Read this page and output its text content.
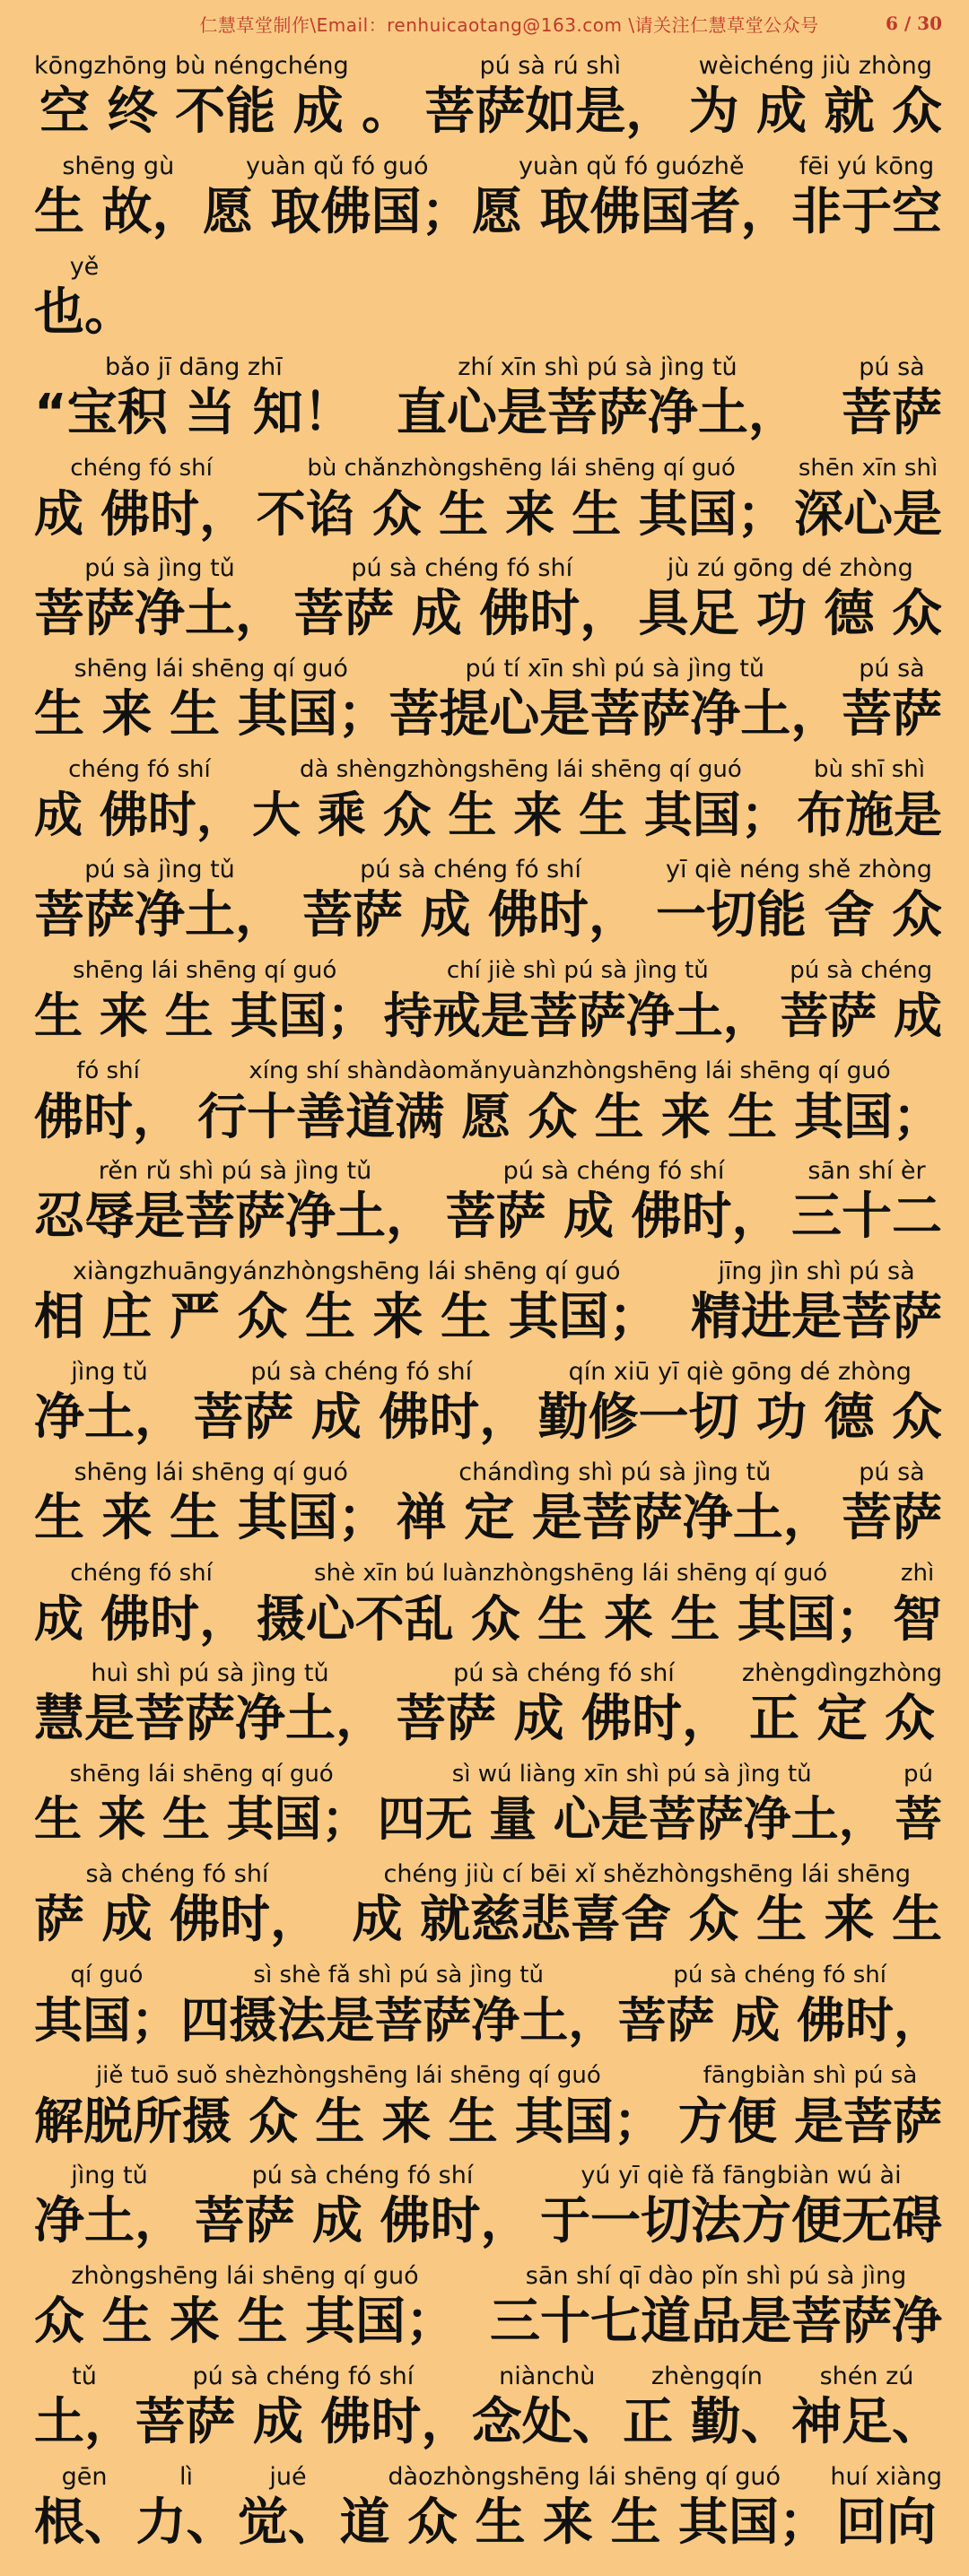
仁慧草堂制作\Email：renhuicaotang@163.com \请关注仁慧草堂公众号	6 / 30
kōngzhōng bù néngchéng
空 终 不能 成 。
pú sà rú shì
菩萨如是，
wèichéng jiù zhòng
为 成 就 众
shēng gù
生 故，
yuàn qǔ fó guó
愿 取佛国；
yuàn qǔ fó guózhě
愿 取佛国者，
fēi yú kōng
非于空
yě
也。
bǎo jī dāng zhī
“宝积 当 知！
zhí xīn shì pú sà jìng tǔ
直心是菩萨净土，
pú sà
菩萨
chéng fó shí
成 佛时，
bù chǎnzhòngshēng lái shēng qí guó
不谄 众 生 来 生 其国；
shēn xīn shì
深心是
pú sà jìng tǔ
菩萨净土，
pú sà chéng fó shí
菩萨 成 佛时，
jù zú gōng dé zhòng
具足 功 德 众
shēng lái shēng qí guó
生 来 生 其国；
pú tí xīn shì pú sà jìng tǔ
菩提心是菩萨净土，
pú sà
菩萨
chéng fó shí
成 佛时，
dà shèngzhòngshēng lái shēng qí guó
大 乘 众 生 来 生 其国；
bù shī shì
布施是
pú sà jìng tǔ
菩萨净土，
pú sà chéng fó shí
菩萨 成 佛时，
yī qiè néng shě zhòng
一切能 舍 众
shēng lái shēng qí guó
生 来 生 其国；
chí jiè shì pú sà jìng tǔ
持戒是菩萨净土，
pú sà chéng
菩萨 成
fó shí
佛时，
xíng shí shàndàomǎnyuànzhòngshēng lái shēng qí guó
行十善道满 愿 众 生 来 生 其国；
rěn rǔ shì pú sà jìng tǔ
忍辱是菩萨净土，
pú sà chéng fó shí
菩萨 成 佛时，
sān shí èr
三十二
xiàngzhuāngyánzhòngshēng lái shēng qí guó
相 庄 严 众 生 来 生 其国；
jīng jìn shì pú sà
精进是菩萨
jìng tǔ
净土，
pú sà chéng fó shí
菩萨 成 佛时，
qín xiū yī qiè gōng dé zhòng
勤修一切 功 德 众
shēng lái shēng qí guó
生 来 生 其国；
chándìng shì pú sà jìng tǔ
禅 定 是菩萨净土，
pú sà
菩萨
chéng fó shí
成 佛时，
shè xīn bú luànzhòngshēng lái shēng qí guó
摄心不乱 众 生 来 生 其国；
zhì
智
huì shì pú sà jìng tǔ
慧是菩萨净土，
pú sà chéng fó shí
菩萨 成 佛时，
zhèngdìngzhòng
正 定 众
shēng lái shēng qí guó
生 来 生 其国；
sì wú liàng xīn shì pú sà jìng tǔ
四无 量 心是菩萨净土，
pú
菩
sà chéng fó shí
萨 成 佛时，
chéng jiù cí bēi xǐ shězhòngshēng lái shēng
成 就慈悲喜舍 众 生 来 生
qí guó
其国；
sì shè fǎ shì pú sà jìng tǔ
四摄法是菩萨净土，
pú sà chéng fó shí
菩萨 成 佛时，
jiě tuō suǒ shèzhòngshēng lái shēng qí guó
解脱所摄 众 生 来 生 其国；
fāngbiàn shì pú sà
方便 是菩萨
jìng tǔ
净土，
pú sà chéng fó shí
菩萨 成 佛时，
yú yī qiè fǎ fāngbiàn wú ài
于一切法方便无碍
zhòngshēng lái shēng qí guó
众 生 来 生 其国；
sān shí qī dào pǐn shì pú sà jìng
三十七道品是菩萨净
tǔ
土，
pú sà chéng fó shí
菩萨 成 佛时，
niànchù
念处、
zhèngqín
正 勤、
shén zú
神足、
gēn
根、
lì
力、
jué
觉、
dàozhòngshēng lái shēng qí guó
道 众 生 来 生 其国；
huí xiàng
回向
